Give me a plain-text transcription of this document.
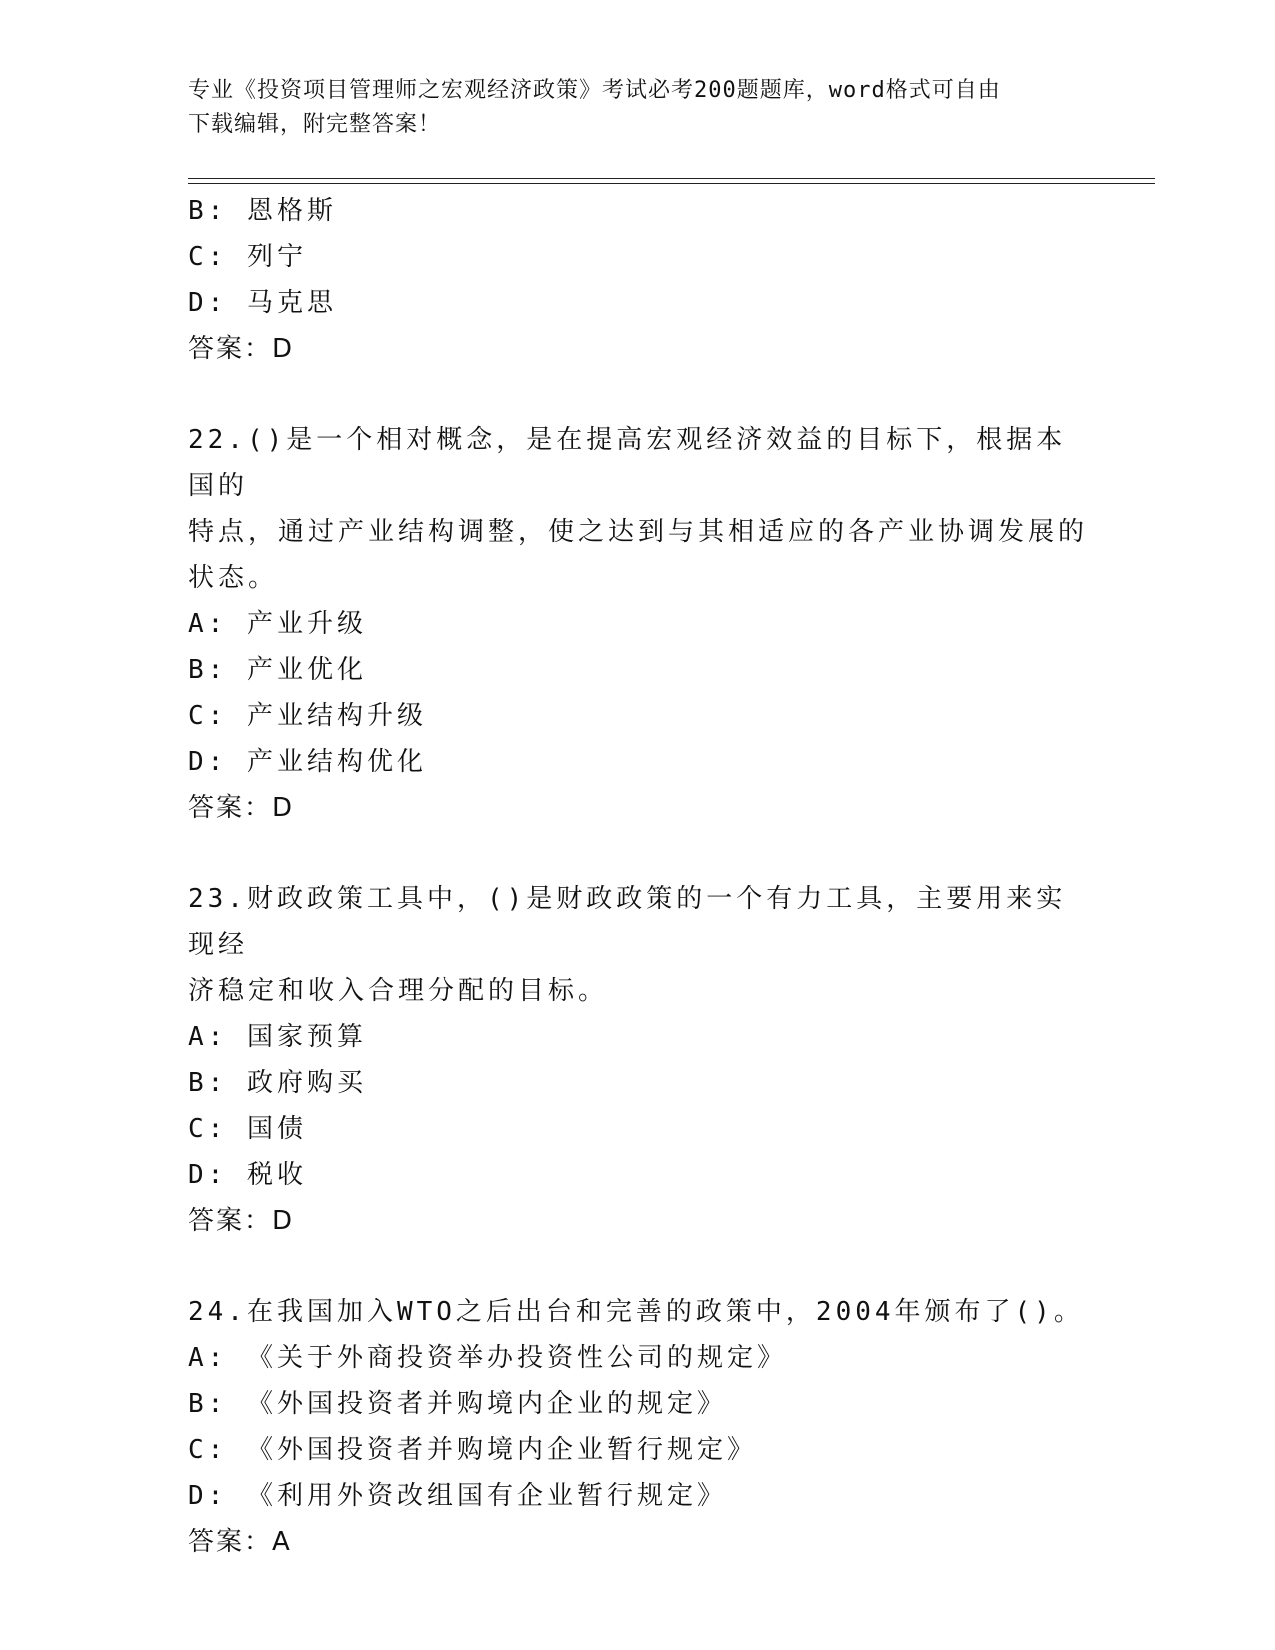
专业《投资项目管理师之宏观经济政策》考试必考200题题库，word格式可自由
下载编辑，附完整答案！
B: 恩格斯
C: 列宁
D: 马克思
答案：D
22.()是一个相对概念，是在提高宏观经济效益的目标下，根据本国的
特点，通过产业结构调整，使之达到与其相适应的各产业协调发展的
状态。
A: 产业升级
B: 产业优化
C: 产业结构升级
D: 产业结构优化
答案：D
23.财政政策工具中，()是财政政策的一个有力工具，主要用来实现经
济稳定和收入合理分配的目标。
A: 国家预算
B: 政府购买
C: 国债
D: 税收
答案：D
24.在我国加入WTO之后出台和完善的政策中，2004年颁布了()。
A: 《关于外商投资举办投资性公司的规定》
B: 《外国投资者并购境内企业的规定》
C: 《外国投资者并购境内企业暂行规定》
D: 《利用外资改组国有企业暂行规定》
答案：A
